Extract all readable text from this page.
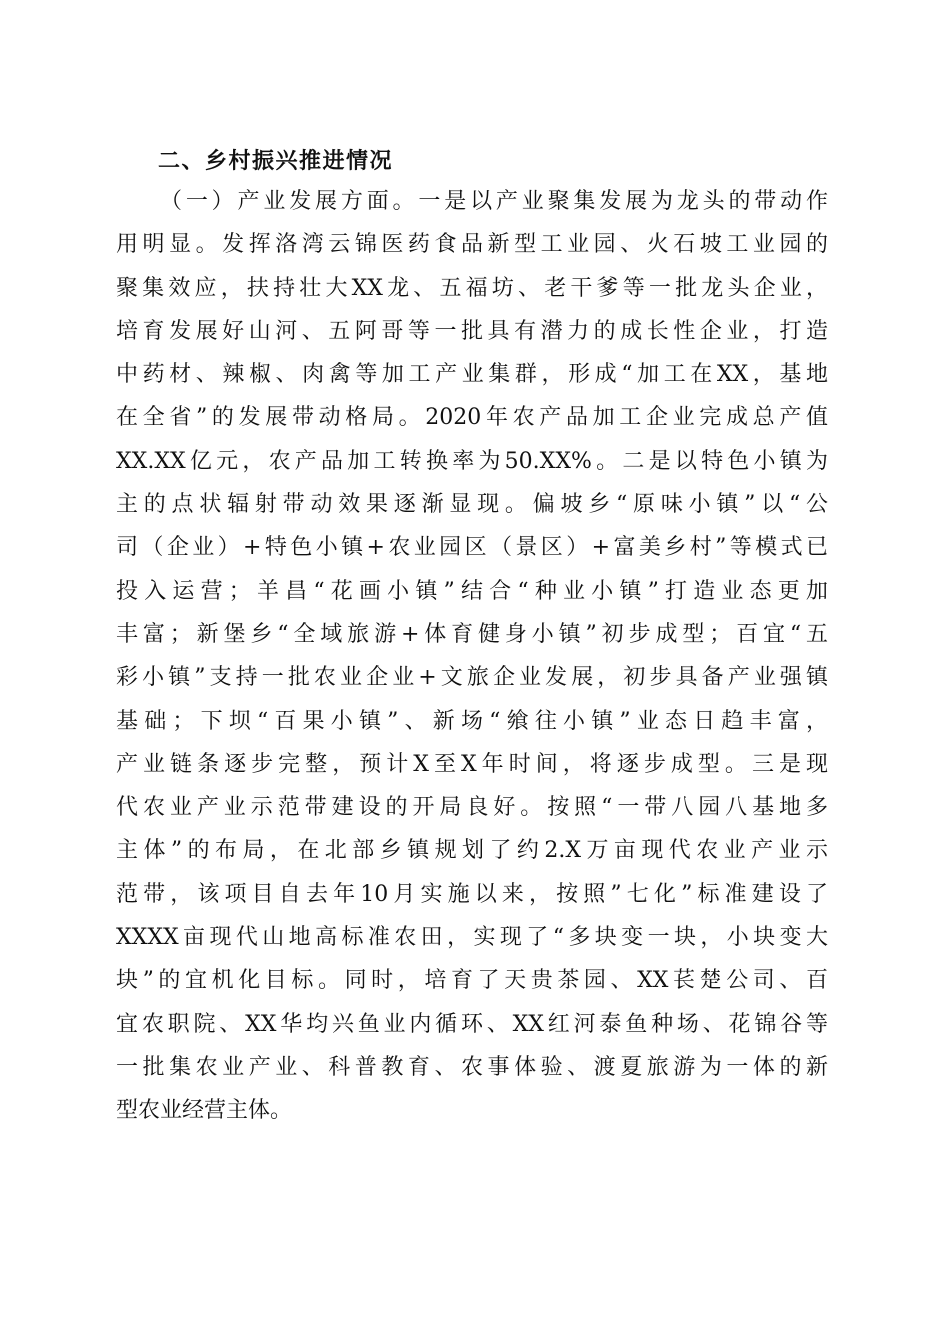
二、乡村振兴推进情况
（一）产业发展方面。一是以产业聚集发展为龙头的带动作
用明显。发挥洛湾云锦医药食品新型工业园、火石坡工业园的
聚集效应，扶持壮大XX龙、五福坊、老干爹等一批龙头企业，
培育发展好山河、五阿哥等一批具有潜力的成长性企业，打造
中药材、辣椒、肉禽等加工产业集群，形成“加工在XX，基地
在全省”的发展带动格局。2020年农产品加工企业完成总产值
XX.XX亿元，农产品加工转换率为50.XX%。二是以特色小镇为
主的点状辐射带动效果逐渐显现。偏坡乡“原味小镇”以“公
司（企业）+特色小镇+农业园区（景区）+富美乡村”等模式已
投入运营；羊昌“花画小镇”结合“种业小镇”打造业态更加
丰富；新堡乡“全域旅游+体育健身小镇”初步成型；百宜“五
彩小镇”支持一批农业企业+文旅企业发展，初步具备产业强镇
基础；下坝“百果小镇”、新场“飨往小镇”业态日趋丰富，
产业链条逐步完整，预计X至X年时间，将逐步成型。三是现
代农业产业示范带建设的开局良好。按照“一带八园八基地多
主体”的布局，在北部乡镇规划了约2.X万亩现代农业产业示
范带，该项目自去年10月实施以来，按照”七化”标准建设了
XXXX亩现代山地高标准农田，实现了“多块变一块，小块变大
块”的宜机化目标。同时，培育了天贵茶园、XX苌楚公司、百
宜农职院、XX华均兴鱼业内循环、XX红河泰鱼种场、花锦谷等
一批集农业产业、科普教育、农事体验、渡夏旅游为一体的新
型农业经营主体。
